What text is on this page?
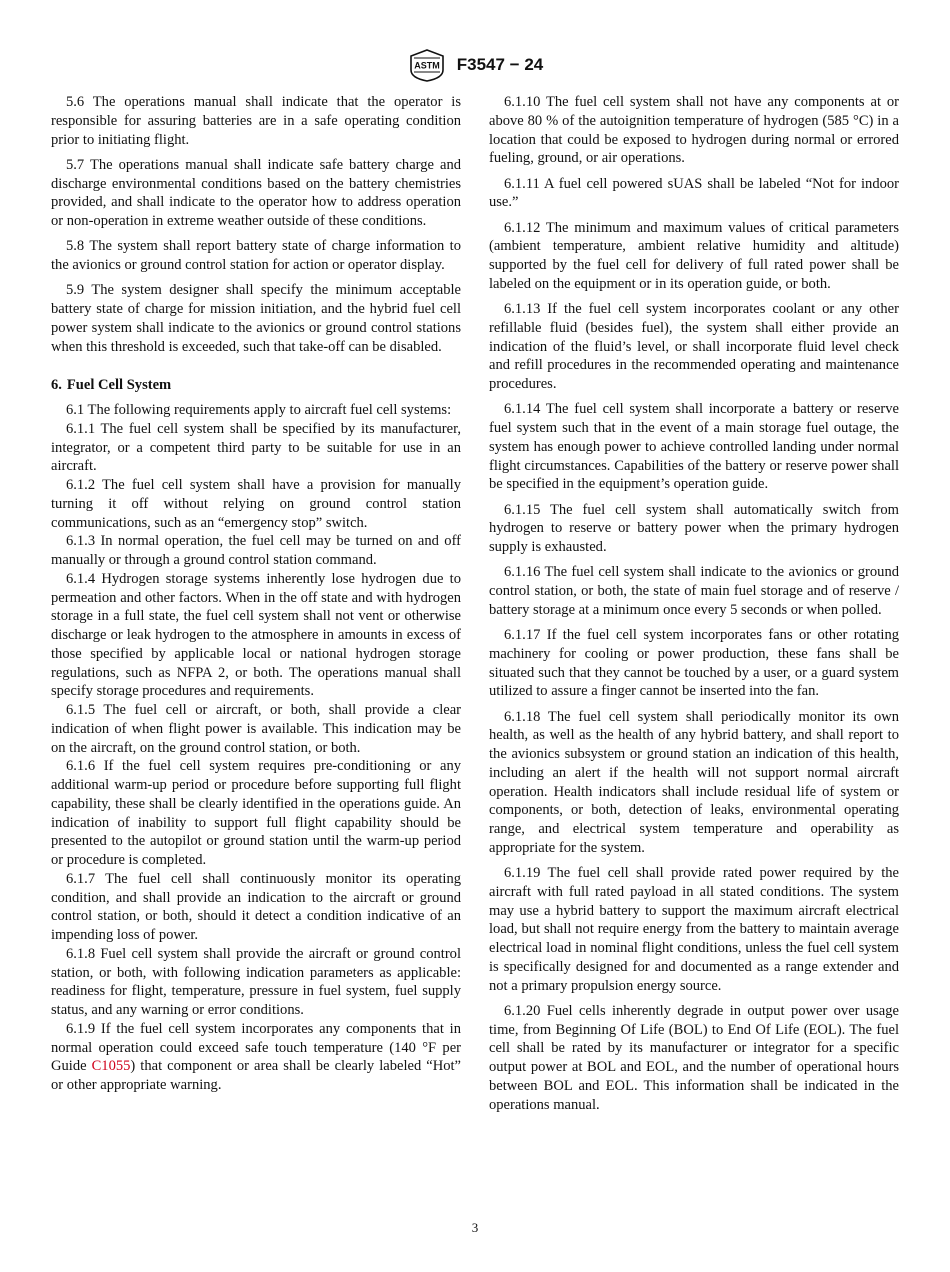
ASTM F3547 − 24

5.6 The operations manual shall indicate that the operator is responsible for assuring batteries are in a safe operating condition prior to initiating flight.

5.7 The operations manual shall indicate safe battery charge and discharge environmental conditions based on the battery chemistries provided, and shall indicate to the operator how to address operation or non-operation in extreme weather outside of these conditions.

5.8 The system shall report battery state of charge information to the avionics or ground control station for action or operator display.

5.9 The system designer shall specify the minimum acceptable battery state of charge for mission initiation, and the hybrid fuel cell power system shall indicate to the avionics or ground control stations when this threshold is exceeded, such that take-off can be disabled.

6. Fuel Cell System

6.1 The following requirements apply to aircraft fuel cell systems:

6.1.1 The fuel cell system shall be specified by its manufacturer, integrator, or a competent third party to be suitable for use in an aircraft.

6.1.2 The fuel cell system shall have a provision for manually turning it off without relying on ground control station communications, such as an “emergency stop” switch.

6.1.3 In normal operation, the fuel cell may be turned on and off manually or through a ground control station command.

6.1.4 Hydrogen storage systems inherently lose hydrogen due to permeation and other factors. When in the off state and with hydrogen storage in a full state, the fuel cell system shall not vent or otherwise discharge or leak hydrogen to the atmosphere in amounts in excess of those specified by applicable local or national hydrogen storage regulations, such as NFPA 2, or both. The operations manual shall specify storage procedures and requirements.

6.1.5 The fuel cell or aircraft, or both, shall provide a clear indication of when flight power is available. This indication may be on the aircraft, on the ground control station, or both.

6.1.6 If the fuel cell system requires pre-conditioning or any additional warm-up period or procedure before supporting full flight capability, these shall be clearly identified in the operations guide. An indication of inability to support full flight capability should be presented to the autopilot or ground station until the warm-up period or procedure is completed.

6.1.7 The fuel cell shall continuously monitor its operating condition, and shall provide an indication to the aircraft or ground control station, or both, should it detect a condition indicative of an impending loss of power.

6.1.8 Fuel cell system shall provide the aircraft or ground control station, or both, with following indication parameters as applicable: readiness for flight, temperature, pressure in fuel system, fuel supply status, and any warning or error conditions.

6.1.9 If the fuel cell system incorporates any components that in normal operation could exceed safe touch temperature (140 °F per Guide C1055) that component or area shall be clearly labeled “Hot” or other appropriate warning.

6.1.10 The fuel cell system shall not have any components at or above 80 % of the autoignition temperature of hydrogen (585 °C) in a location that could be exposed to hydrogen during normal or errored fueling, ground, or air operations.

6.1.11 A fuel cell powered sUAS shall be labeled “Not for indoor use.”

6.1.12 The minimum and maximum values of critical parameters (ambient temperature, ambient relative humidity and altitude) supported by the fuel cell for delivery of full rated power shall be labeled on the equipment or in its operation guide, or both.

6.1.13 If the fuel cell system incorporates coolant or any other refillable fluid (besides fuel), the system shall either provide an indication of the fluid’s level, or shall incorporate fluid level check and refill procedures in the recommended operating and maintenance procedures.

6.1.14 The fuel cell system shall incorporate a battery or reserve fuel system such that in the event of a main storage fuel outage, the system has enough power to achieve controlled landing under normal flight circumstances. Capabilities of the battery or reserve power shall be specified in the equipment’s operation guide.

6.1.15 The fuel cell system shall automatically switch from hydrogen to reserve or battery power when the primary hydrogen supply is exhausted.

6.1.16 The fuel cell system shall indicate to the avionics or ground control station, or both, the state of main fuel storage and of reserve / battery storage at a minimum once every 5 seconds or when polled.

6.1.17 If the fuel cell system incorporates fans or other rotating machinery for cooling or power production, these fans shall be situated such that they cannot be touched by a user, or a guard system utilized to assure a finger cannot be inserted into the fan.

6.1.18 The fuel cell system shall periodically monitor its own health, as well as the health of any hybrid battery, and shall report to the avionics subsystem or ground station an indication of this health, including an alert if the health will not support normal aircraft operation. Health indicators shall include residual life of system or components, or both, detection of leaks, environmental operating range, and electrical system temperature and operability as appropriate for the system.

6.1.19 The fuel cell shall provide rated power required by the aircraft with full rated payload in all stated conditions. The system may use a hybrid battery to support the maximum aircraft electrical load, but shall not require energy from the battery to maintain average electrical load in nominal flight conditions, unless the fuel cell system is specifically designed for and documented as a range extender and not a primary propulsion energy source.

6.1.20 Fuel cells inherently degrade in output power over usage time, from Beginning Of Life (BOL) to End Of Life (EOL). The fuel cell shall be rated by its manufacturer or integrator for a specific output power at BOL and EOL, and the number of operational hours between BOL and EOL. This information shall be indicated in the operations manual.

3
